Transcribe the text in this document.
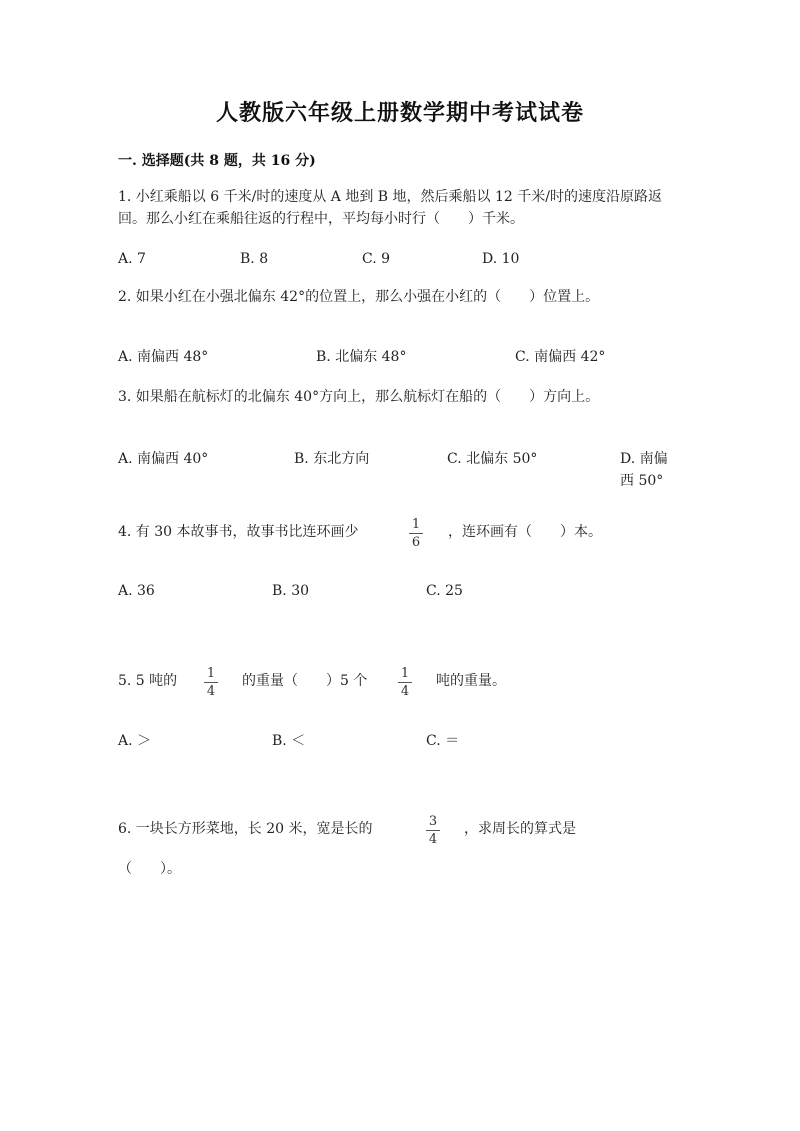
人教版六年级上册数学期中考试试卷
一. 选择题(共 8 题，共 16 分)
1. 小红乘船以 6 千米/时的速度从 A 地到 B 地，然后乘船以 12 千米/时的速度沿原路返回。那么小红在乘船往返的行程中，平均每小时行（　　）千米。
A. 7	B. 8	C. 9	D. 10
2. 如果小红在小强北偏东 42°的位置上，那么小强在小红的（　　）位置上。
A. 南偏西 48°	B. 北偏东 48°	C. 南偏西 42°
3. 如果船在航标灯的北偏东 40°方向上，那么航标灯在船的（　　）方向上。
A. 南偏西 40°	B. 东北方向	C. 北偏东 50°	D. 南偏西 50°
4. 有 30 本故事书，故事书比连环画少	1
6
，连环画有（　　）本。
A. 36	B. 30	C. 25
5. 5 吨的 1
4
的重量（　　）5 个	1
4
吨的重量。
A. ＞	B. ＜	C. ＝
6. 一块长方形菜地，长 20 米，宽是长的	3
4
，求周长的算式是
（　　）。
